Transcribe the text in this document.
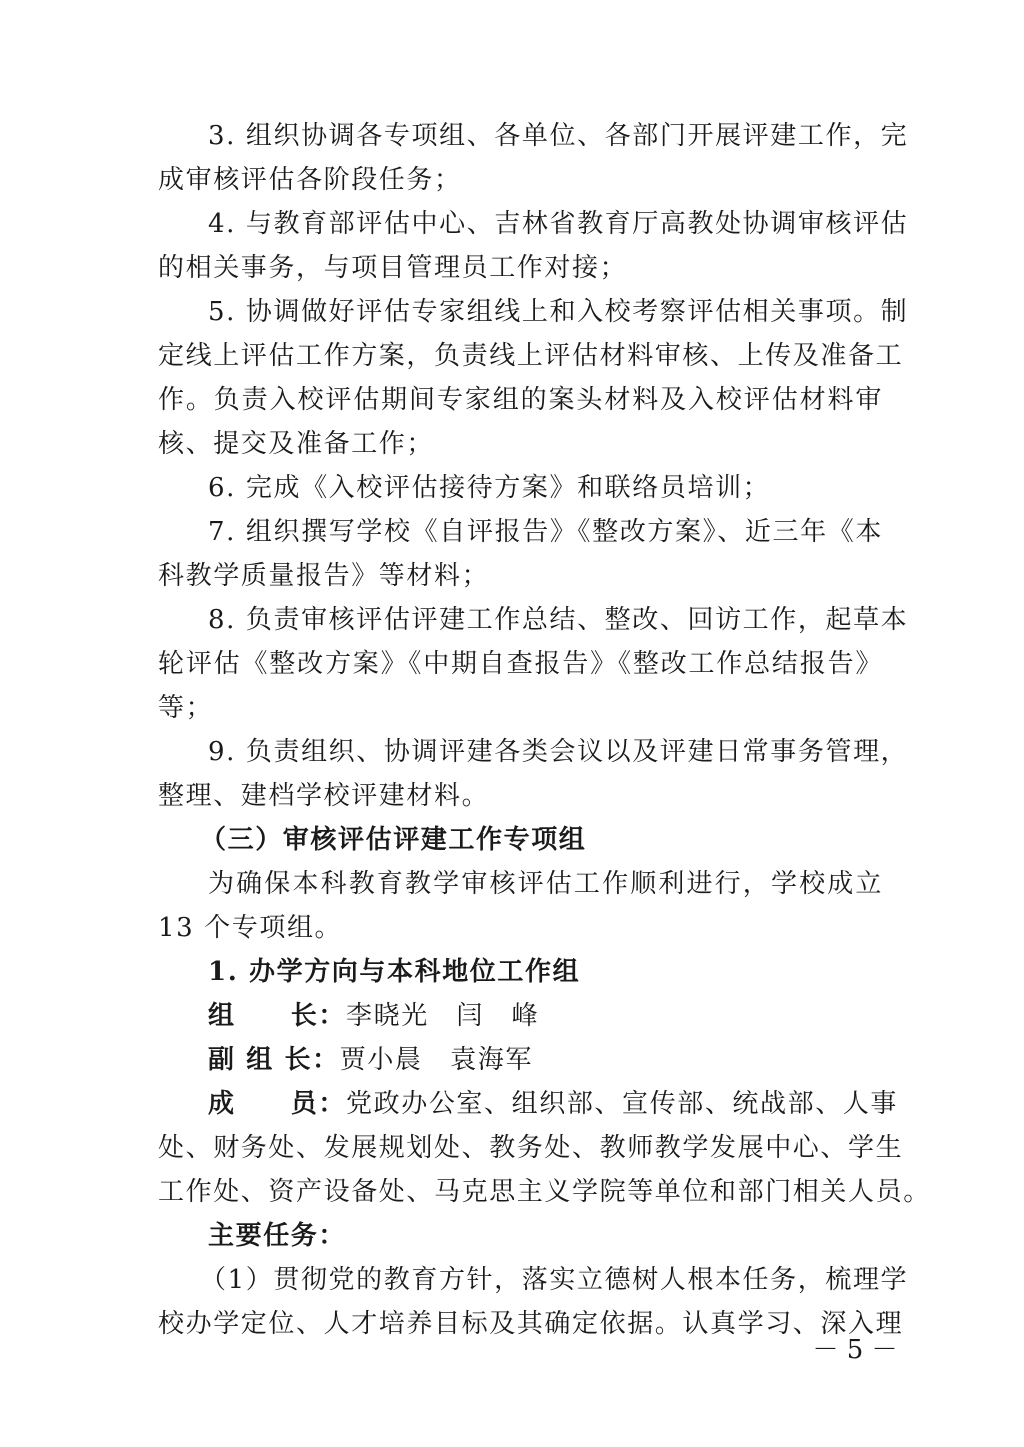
3. 组织协调各专项组、各单位、各部门开展评建工作，完
成审核评估各阶段任务；
4. 与教育部评估中心、吉林省教育厅高教处协调审核评估
的相关事务，与项目管理员工作对接；
5. 协调做好评估专家组线上和入校考察评估相关事项。制
定线上评估工作方案，负责线上评估材料审核、上传及准备工
作。负责入校评估期间专家组的案头材料及入校评估材料审
核、提交及准备工作；
6. 完成《入校评估接待方案》和联络员培训；
7. 组织撰写学校《自评报告》《整改方案》、近三年《本
科教学质量报告》等材料；
8. 负责审核评估评建工作总结、整改、回访工作，起草本
轮评估《整改方案》《中期自查报告》《整改工作总结报告》
等；
9. 负责组织、协调评建各类会议以及评建日常事务管理，
整理、建档学校评建材料。
（三）审核评估评建工作专项组
为确保本科教育教学审核评估工作顺利进行，学校成立
13 个专项组。
1. 办学方向与本科地位工作组
组　　长：李晓光　闫　峰
副 组 长：贾小晨　袁海军
成　　员：党政办公室、组织部、宣传部、统战部、人事
处、财务处、发展规划处、教务处、教师教学发展中心、学生
工作处、资产设备处、马克思主义学院等单位和部门相关人员。
主要任务：
（1）贯彻党的教育方针，落实立德树人根本任务，梳理学
校办学定位、人才培养目标及其确定依据。认真学习、深入理
－ 5 －
